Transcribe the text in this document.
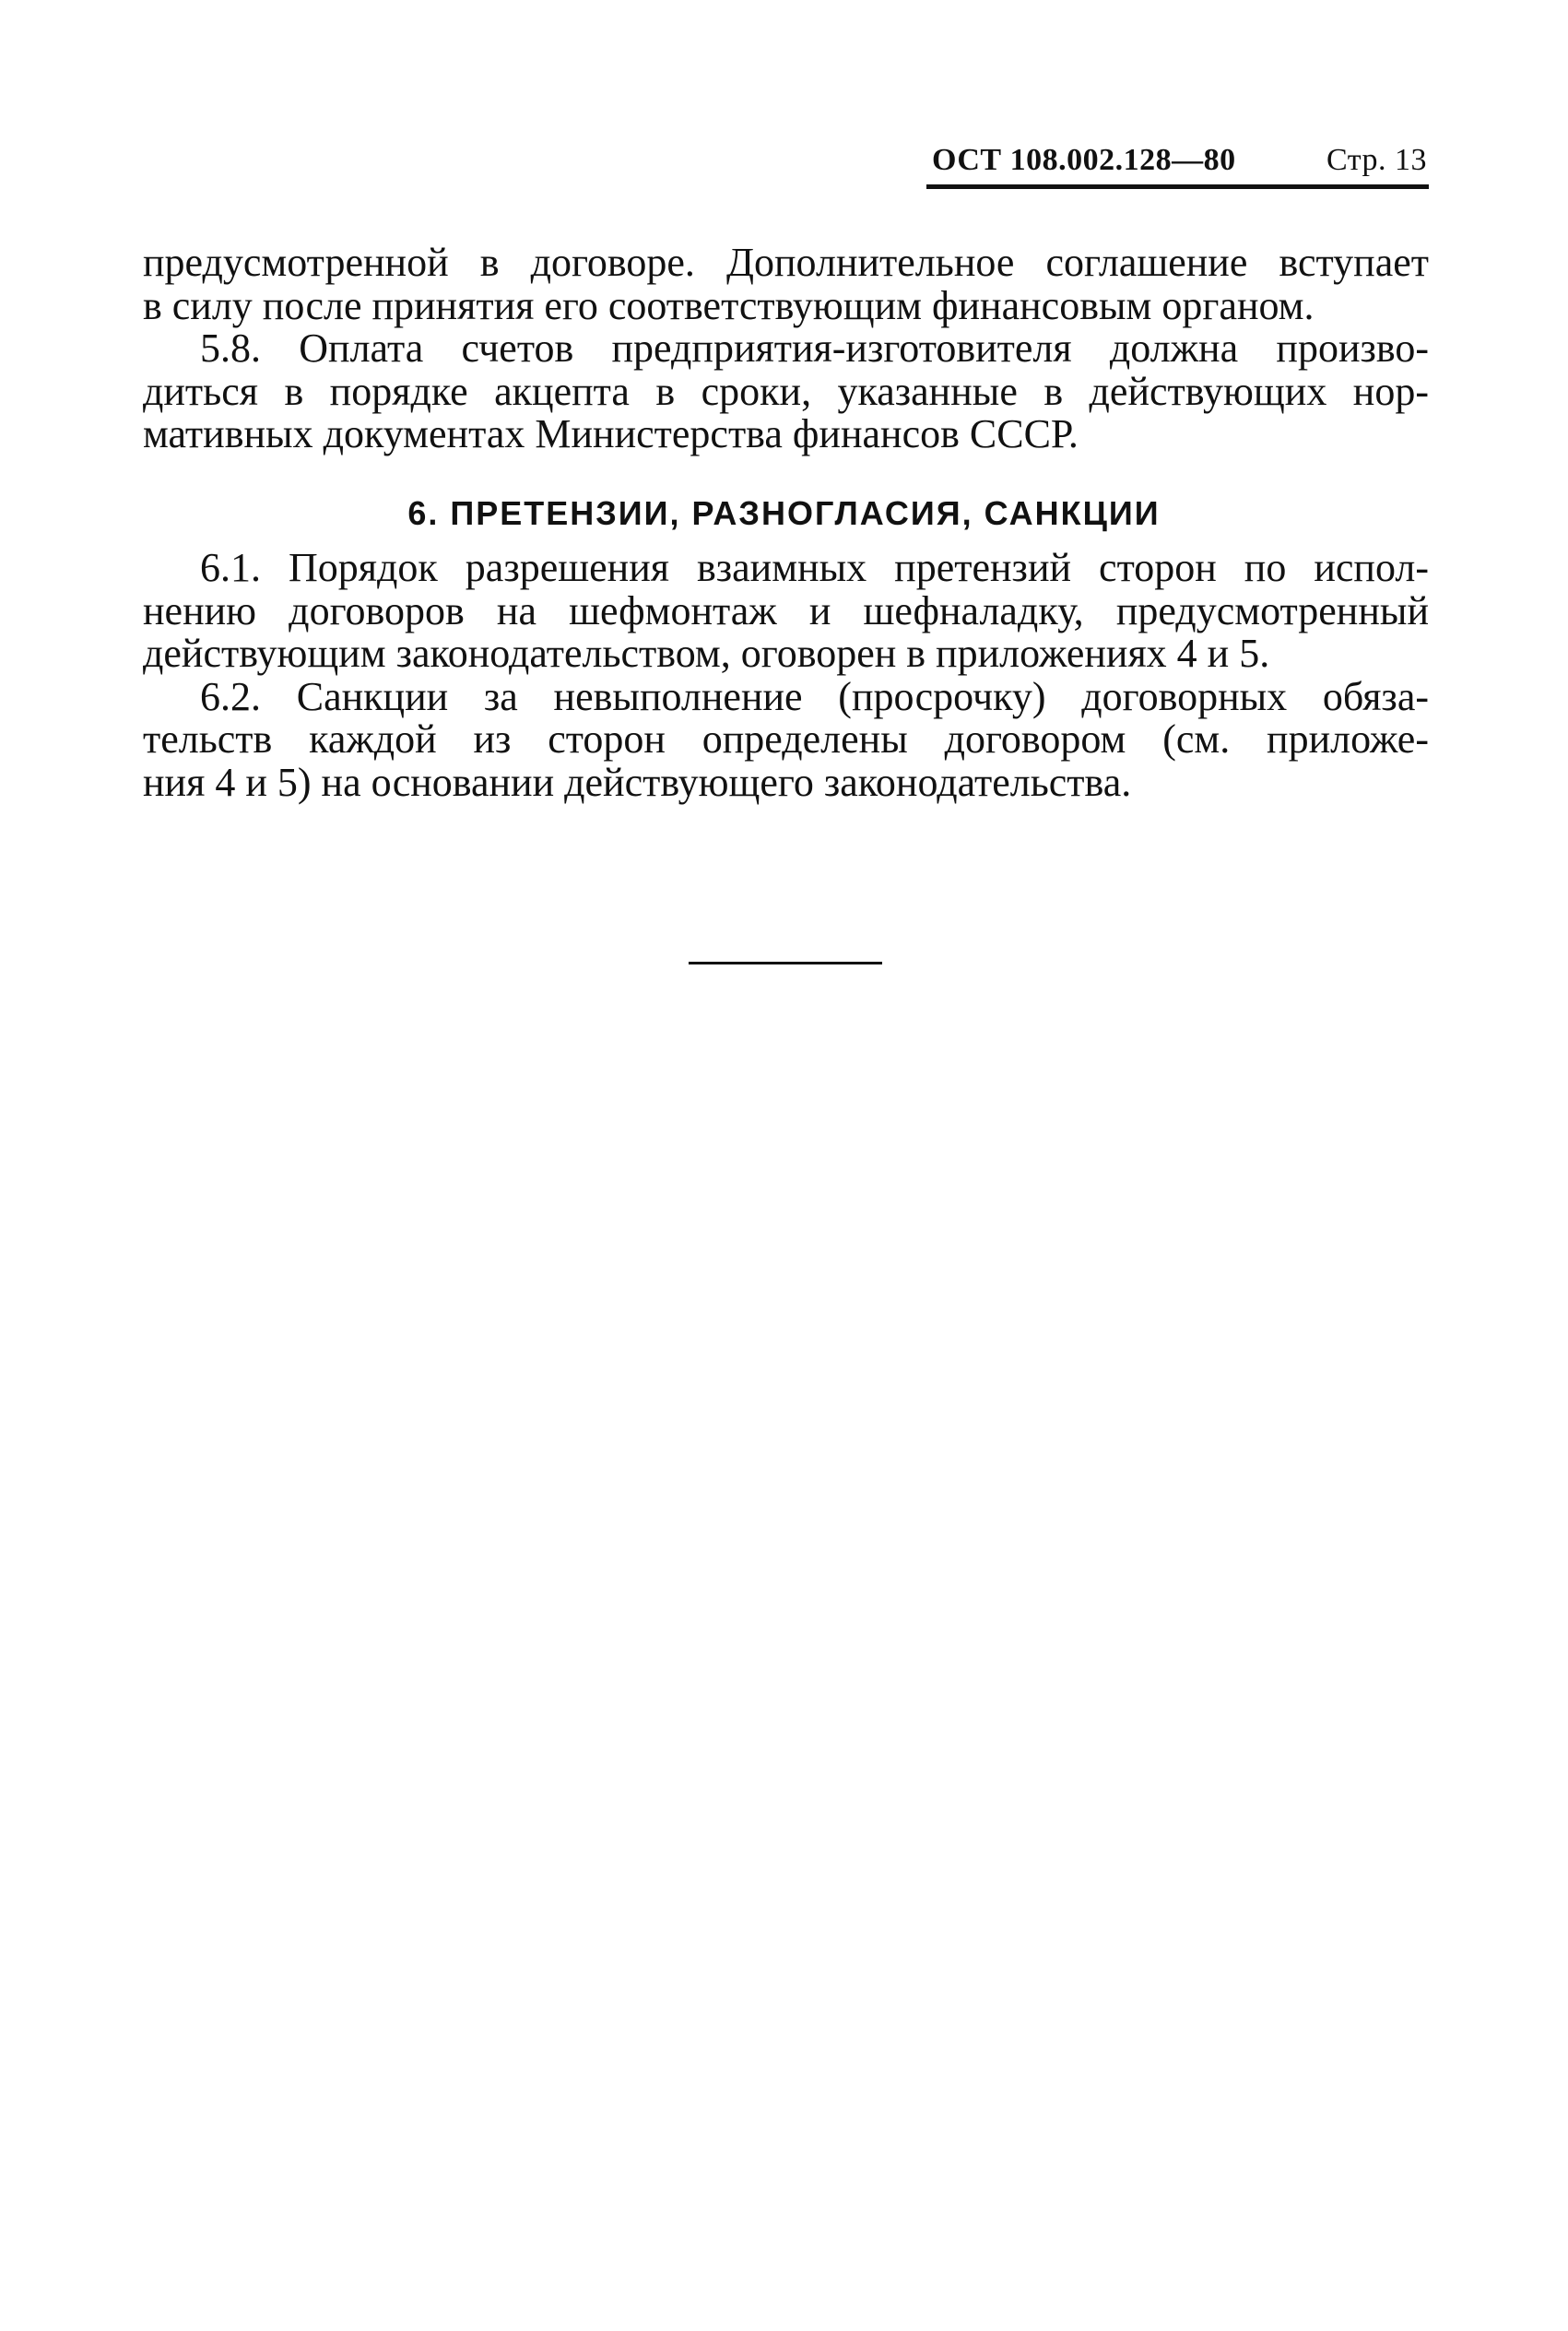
ОСТ 108.002.128—80	Стр. 13
предусмотренной в договоре. Дополнительное соглашение вступает
в силу после принятия его соответствующим финансовым органом.
5.8. Оплата счетов предприятия-изготовителя должна произво-
диться в порядке акцепта в сроки, указанные в действующих нор-
мативных документах Министерства финансов СССР.
6. ПРЕТЕНЗИИ, РАЗНОГЛАСИЯ, САНКЦИИ
6.1. Порядок разрешения взаимных претензий сторон по испол-
нению договоров на шефмонтаж и шефналадку, предусмотренный
действующим законодательством, оговорен в приложениях 4 и 5.
6.2. Санкции за невыполнение (просрочку) договорных обяза-
тельств каждой из сторон определены договором (см. приложе-
ния 4 и 5) на основании действующего законодательства.
